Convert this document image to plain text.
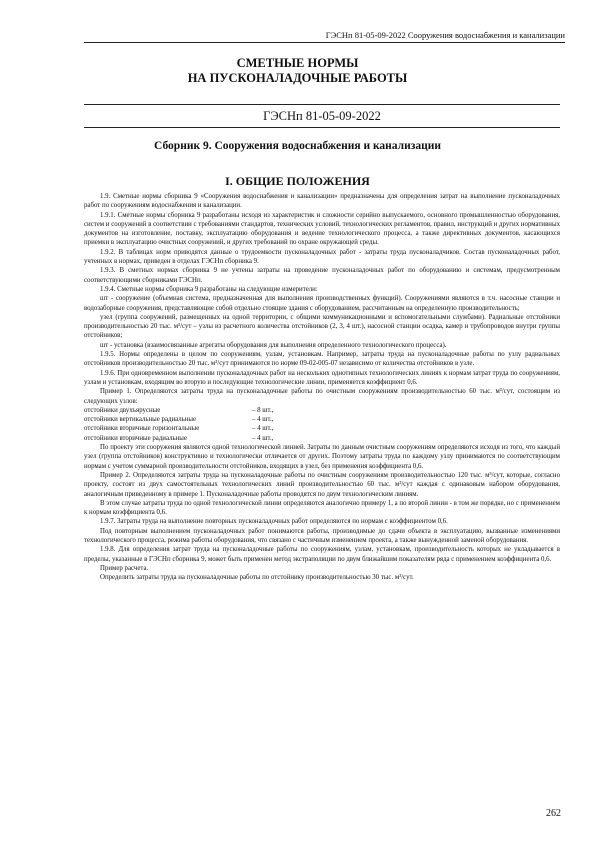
ГЭСНп 81-05-09-2022 Сооружения водоснабжения и канализации
СМЕТНЫЕ НОРМЫ
НА ПУСКОНАЛАДОЧНЫЕ РАБОТЫ
ГЭСНп 81-05-09-2022
Сборник 9. Сооружения водоснабжения и канализации
I. ОБЩИЕ ПОЛОЖЕНИЯ

1.9. Сметные нормы сборника 9 «Сооружения водоснабжения и канализации» предназначены для определения затрат на выполнение пусконаладочных работ по сооружениям водоснабжения и канализации.

1.9.1. Сметные нормы сборника 9 разработаны исходя из характеристик и сложности серийно выпускаемого, основного промышленностью оборудования, систем и сооружений в соответствии с требованиями стандартов, технических условий, технологических регламентов, правил, инструкций и других нормативных документов на изготовление, поставку, эксплуатацию оборудования и ведение технологического процесса, а также директивных документов, касающихся приемки в эксплуатацию очистных сооружений, и других требований по охране окружающей среды.

1.9.2. В таблицах норм приводятся данные о трудоемкости пусконаладочных работ - затраты труда пусконаладчиков. Состав пусконаладочных работ, учтенных в нормах, приведен в отделах ГЭСНп сборника 9.

1.9.3. В сметных нормах сборника 9 не учтены затраты на проведение пусконаладочных работ по оборудованию и системам, предусмотренным соответствующими сборниками ГЭСНп.

1.9.4. Сметные нормы сборника 9 разработаны на следующие измерители:

шт - сооружение (объемная система, предназначенная для выполнения производственных функций). Сооружениями являются в т.ч. насосные станции и водозаборные сооружения, представляющие собой отдельно стоящие здания с оборудованием, рассчитанным на определенную производительность;

узел (группа сооружений, размещенных на одной территории, с общими коммуникационными и вспомогательными службами). Радиальные отстойники производительностью 20 тыс. м³/сут – узлы из расчетного количества отстойников (2, 3, 4 шт.), насосной станции осадка, камер и трубопроводов внутри группы отстойников;

шт - установка (взаимосвязанные агрегаты оборудования для выполнения определенного технологического процесса).

1.9.5. Нормы определены в целом по сооружениям, узлам, установкам. Например, затраты труда на пусконаладочные работы по узлу радиальных отстойников производительностью 20 тыс. м³/сут принимаются по норме 09-02-005-07 независимо от количества отстойников в узле.

1.9.6. При одновременном выполнении пусконаладочных работ на нескольких однотипных технологических линиях к нормам затрат труда по сооружениям, узлам и установкам, входящим во вторую и последующие технологические линии, применяется коэффициент 0,6.

Пример 1. Определяются затраты труда на пусконаладочные работы по очистным сооружениям производительностью 60 тыс. м³/сут, состоящим из следующих узлов:

отстойники двухъярусные	– 8 шт.,
отстойники вертикальные радиальные	– 4 шт.,
отстойники вторичные горизонтальные	– 4 шт.,
отстойники вторичные радиальные	– 4 шт.,

По проекту эти сооружения являются одной технологической линией. Затраты по данным очистным сооружениям определяются исходя из того, что каждый узел (группа отстойников) конструктивно и технологически отличается от других. Поэтому затраты труда по каждому узлу принимаются по соответствующим нормам с учетом суммарной производительности отстойников, входящих в узел, без применения коэффициента 0,6.

Пример 2. Определяются затраты труда на пусконаладочные работы по очистным сооружениям производительностью 120 тыс. м³/сут, которые, согласно проекту, состоят из двух самостоятельных технологических линий производительностью 60 тыс. м³/сут каждая с одинаковым набором оборудования, аналогичным приведенному в примере 1. Пусконаладочные работы проводятся по двум технологическим линиям.

В этом случае затраты труда по одной технологической линии определяются аналогично примеру 1, а по второй линии - в том же порядке, но с применением к нормам коэффициента 0,6.

1.9.7. Затраты труда на выполнение повторных пусконаладочных работ определяются по нормам с коэффициентом 0,6.

Под повторным выполнением пусконаладочных работ понимаются работы, производимые до сдачи объекта в эксплуатацию, вызванные изменениями технологического процесса, режима работы оборудования, что связано с частичным изменением проекта, а также вынужденной заменой оборудования.

1.9.8. Для определения затрат труда на пусконаладочные работы по сооружениям, узлам, установкам, производительность которых не укладывается в пределы, указанные в ГЭСНп сборника 9, может быть применен метод экстраполяции по двум ближайшим показателям ряда с применением коэффициента 0,6.

Пример расчета.

Определить затраты труда на пусконаладочные работы по отстойнику производительностью 30 тыс. м³/сут.

262
